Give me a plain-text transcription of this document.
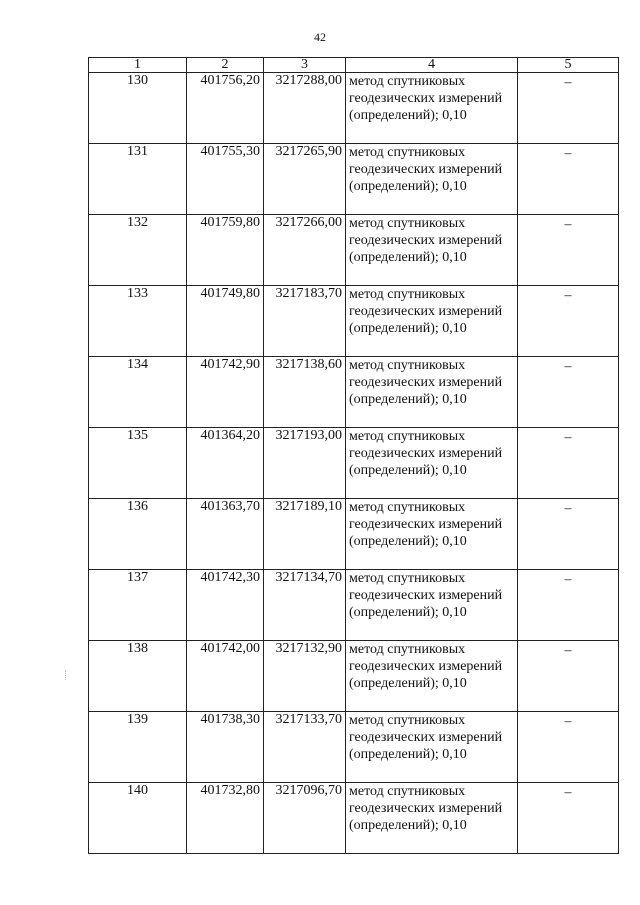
42
1	2	3	4	5
130	401756,20	3217288,00	метод спутниковых геодезических измерений (определений); 0,10	–
131	401755,30	3217265,90	метод спутниковых геодезических измерений (определений); 0,10	–
132	401759,80	3217266,00	метод спутниковых геодезических измерений (определений); 0,10	–
133	401749,80	3217183,70	метод спутниковых геодезических измерений (определений); 0,10	–
134	401742,90	3217138,60	метод спутниковых геодезических измерений (определений); 0,10	–
135	401364,20	3217193,00	метод спутниковых геодезических измерений (определений); 0,10	–
136	401363,70	3217189,10	метод спутниковых геодезических измерений (определений); 0,10	–
137	401742,30	3217134,70	метод спутниковых геодезических измерений (определений); 0,10	–
138	401742,00	3217132,90	метод спутниковых геодезических измерений (определений); 0,10	–
139	401738,30	3217133,70	метод спутниковых геодезических измерений (определений); 0,10	–
140	401732,80	3217096,70	метод спутниковых геодезических измерений (определений); 0,10	–
